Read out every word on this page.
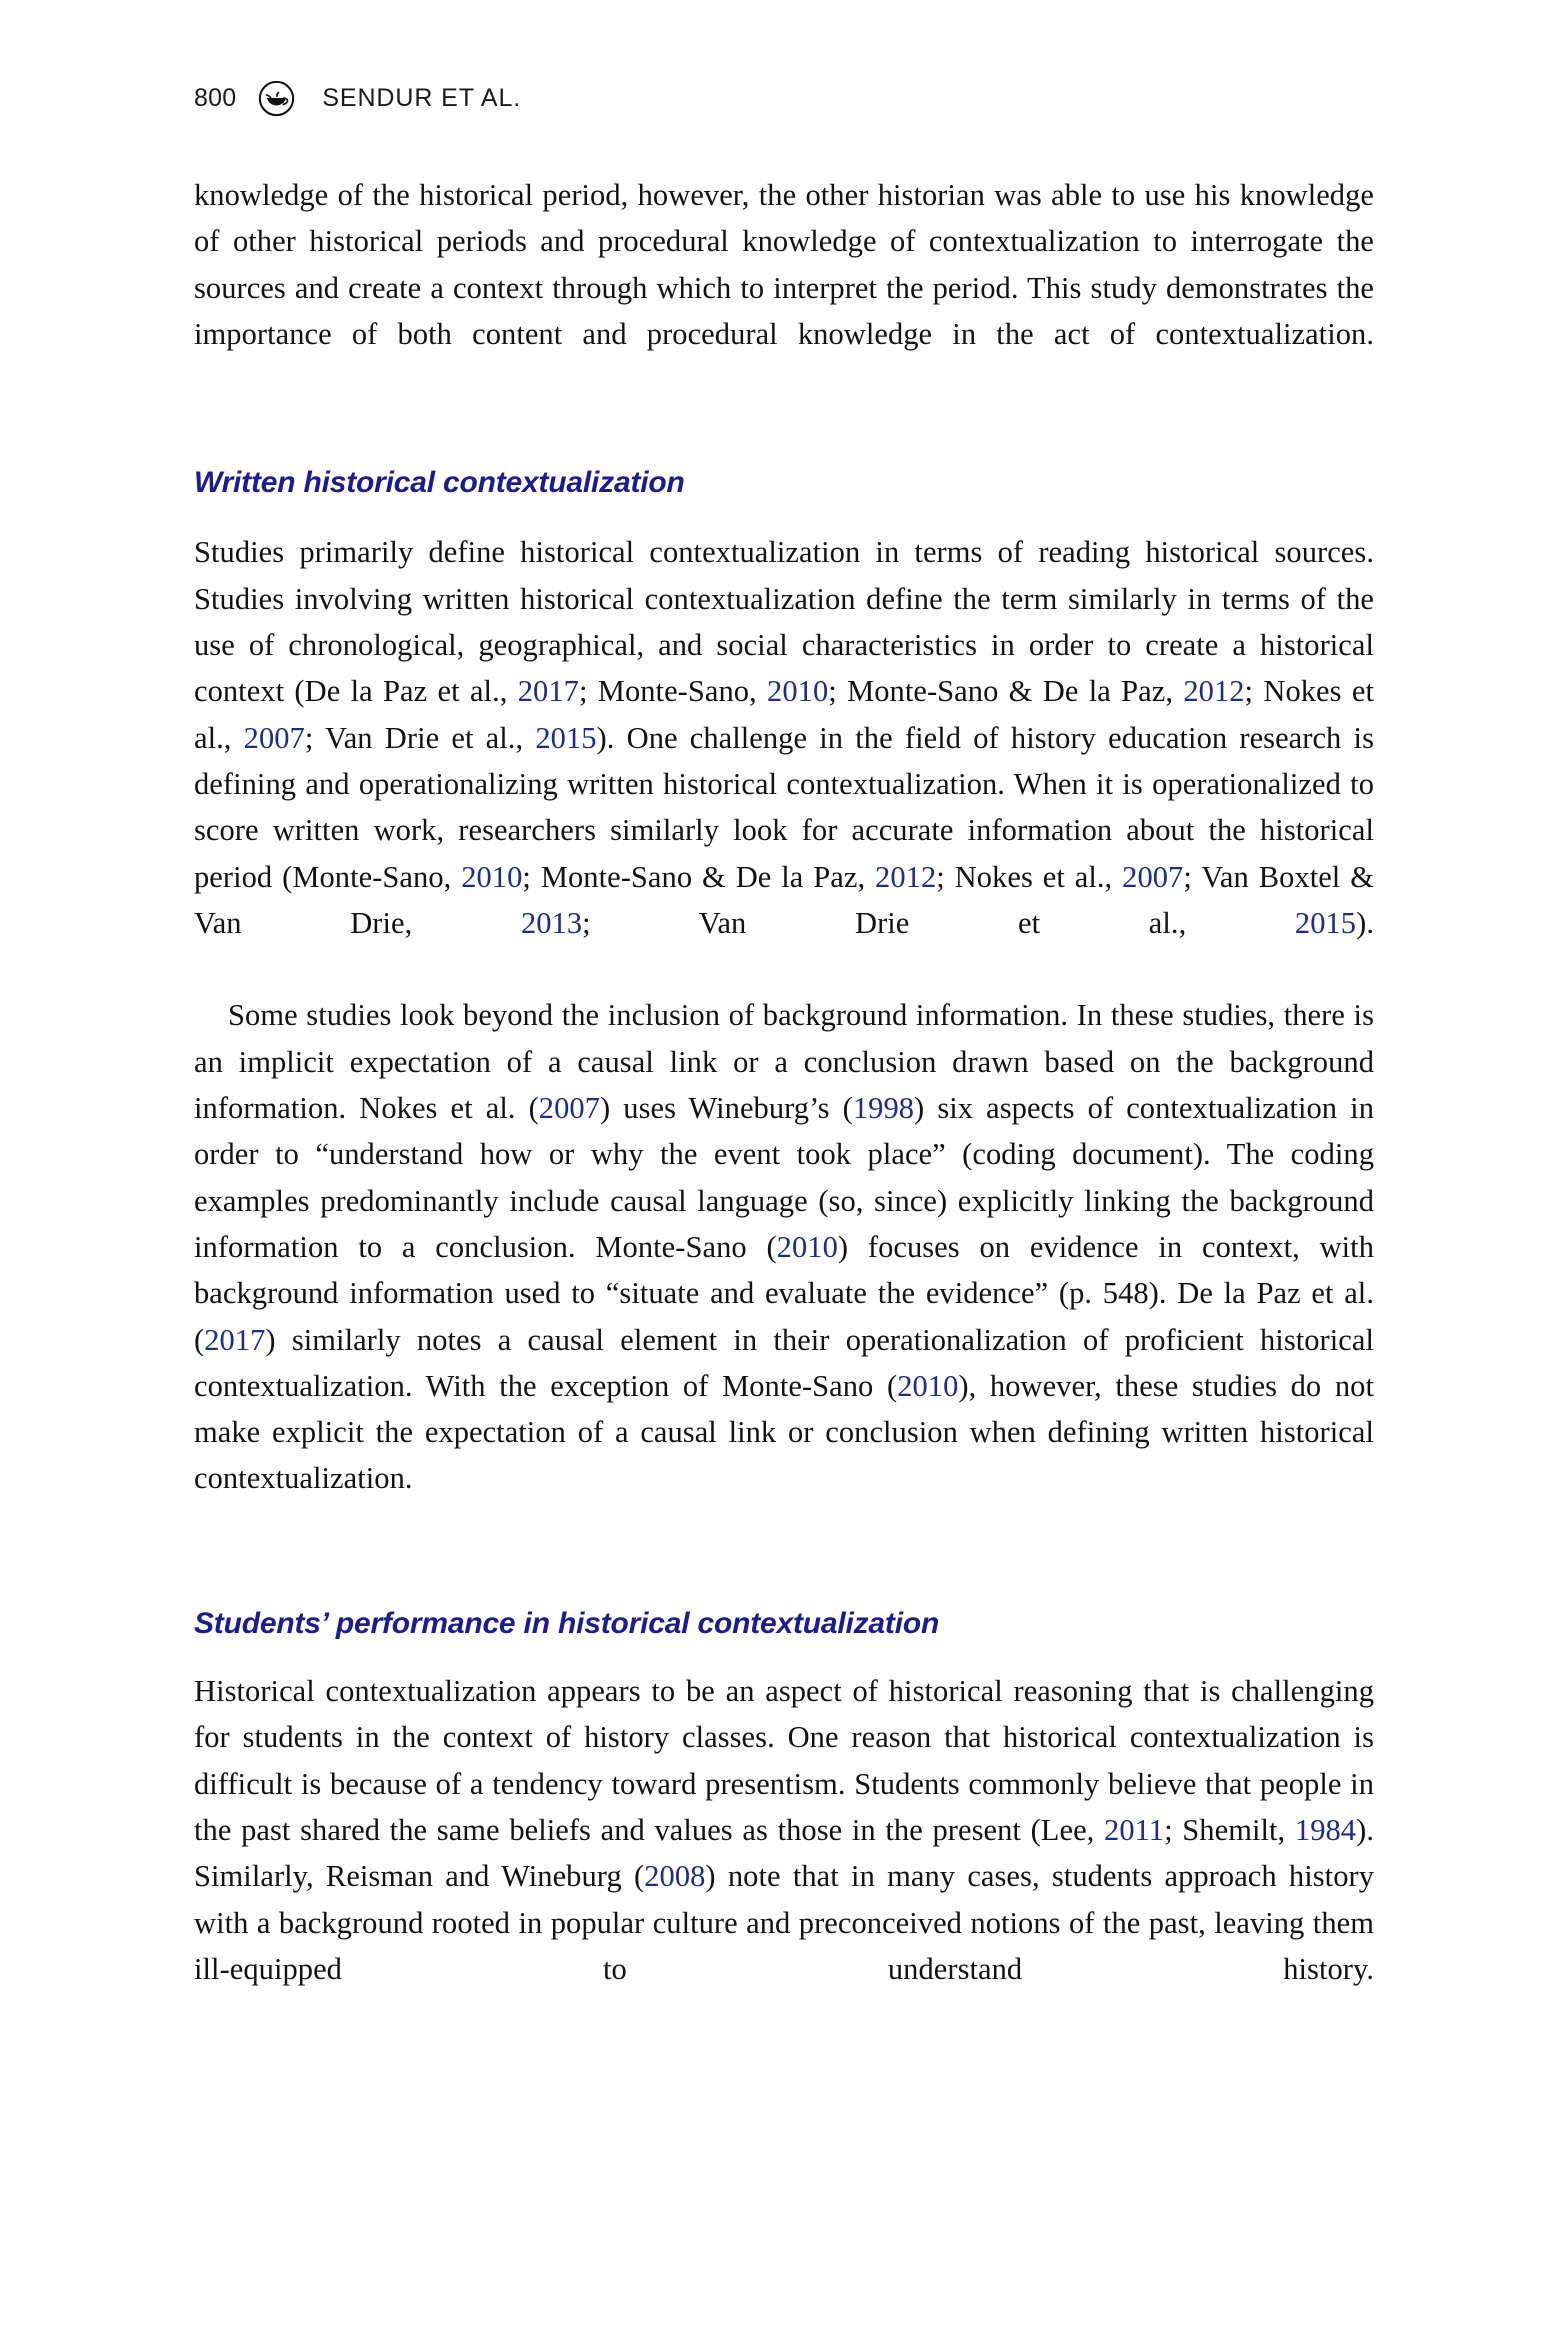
800	SENDUR ET AL.

knowledge of the historical period, however, the other historian was able to use his knowledge of other historical periods and procedural knowledge of contextualization to interrogate the sources and create a context through which to interpret the period. This study demonstrates the importance of both content and procedural knowledge in the act of contextualization.

Written historical contextualization

Studies primarily define historical contextualization in terms of reading historical sources. Studies involving written historical contextualization define the term similarly in terms of the use of chronological, geographical, and social characteristics in order to create a historical context (De la Paz et al., 2017; Monte-Sano, 2010; Monte-Sano & De la Paz, 2012; Nokes et al., 2007; Van Drie et al., 2015). One challenge in the field of history education research is defining and operationalizing written historical contextualization. When it is operationalized to score written work, researchers similarly look for accurate information about the historical period (Monte-Sano, 2010; Monte-Sano & De la Paz, 2012; Nokes et al., 2007; Van Boxtel & Van Drie, 2013; Van Drie et al., 2015).

Some studies look beyond the inclusion of background information. In these studies, there is an implicit expectation of a causal link or a conclusion drawn based on the background information. Nokes et al. (2007) uses Wineburg’s (1998) six aspects of contextualization in order to “understand how or why the event took place” (coding document). The coding examples predominantly include causal language (so, since) explicitly linking the background information to a conclusion. Monte-Sano (2010) focuses on evidence in context, with background information used to “situate and evaluate the evidence” (p. 548). De la Paz et al. (2017) similarly notes a causal element in their operationalization of proficient historical contextualization. With the exception of Monte-Sano (2010), however, these studies do not make explicit the expectation of a causal link or conclusion when defining written historical contextualization.

Students’ performance in historical contextualization

Historical contextualization appears to be an aspect of historical reasoning that is challenging for students in the context of history classes. One reason that historical contextualization is difficult is because of a tendency toward presentism. Students commonly believe that people in the past shared the same beliefs and values as those in the present (Lee, 2011; Shemilt, 1984). Similarly, Reisman and Wineburg (2008) note that in many cases, students approach history with a background rooted in popular culture and preconceived notions of the past, leaving them ill-equipped to understand history.
